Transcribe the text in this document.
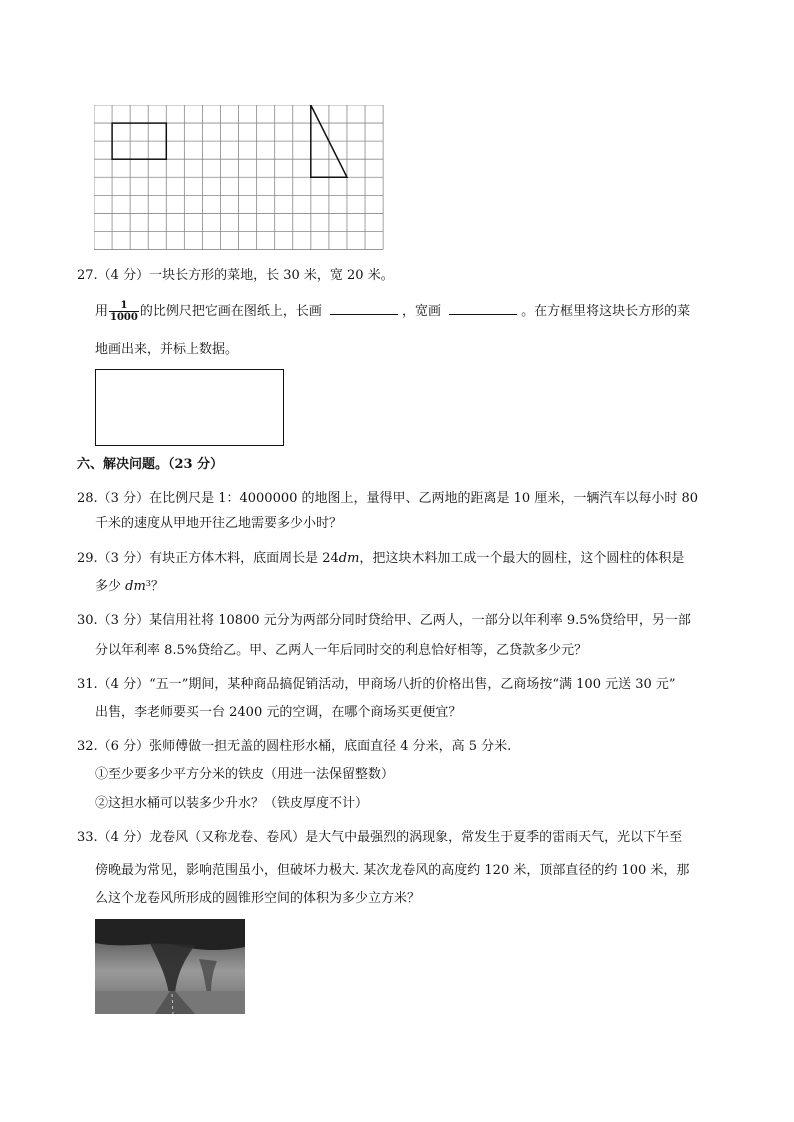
27.（4 分）一块长方形的菜地，长 30 米，宽 20 米。
用 $\frac{1}{1000}$ 的比例尺把它画在图纸上，长画	，宽画	。在方框里将这块长方形的菜
地画出来，并标上数据。
六、解决问题。（23 分）
28.（3 分）在比例尺是 1：4000000 的地图上，量得甲、乙两地的距离是 10 厘米，一辆汽车以每小时 80
千米的速度从甲地开往乙地需要多少小时？
29.（3 分）有块正方体木料，底面周长是 24dm，把这块木料加工成一个最大的圆柱，这个圆柱的体积是
多少 $dm^3$？
30.（3 分）某信用社将 10800 元分为两部分同时贷给甲、乙两人，一部分以年利率 9.5%贷给甲，另一部
分以年利率 8.5%贷给乙。甲、乙两人一年后同时交的利息恰好相等，乙贷款多少元？
31.（4 分）“五一”期间，某种商品搞促销活动，甲商场八折的价格出售，乙商场按“满 100 元送 30 元”
出售，李老师要买一台 2400 元的空调，在哪个商场买更便宜？
32.（6 分）张师傅做一担无盖的圆柱形水桶，底面直径 4 分米，高 5 分米.
①至少要多少平方分米的铁皮（用进一法保留整数）
②这担水桶可以装多少升水？（铁皮厚度不计）
33.（4 分）龙卷风（又称龙卷、卷风）是大气中最强烈的涡现象，常发生于夏季的雷雨天气，光以下午至
傍晚最为常见，影响范围虽小，但破坏力极大. 某次龙卷风的高度约 120 米，顶部直径的约 100 米，那
么这个龙卷风所形成的圆锥形空间的体积为多少立方米？
